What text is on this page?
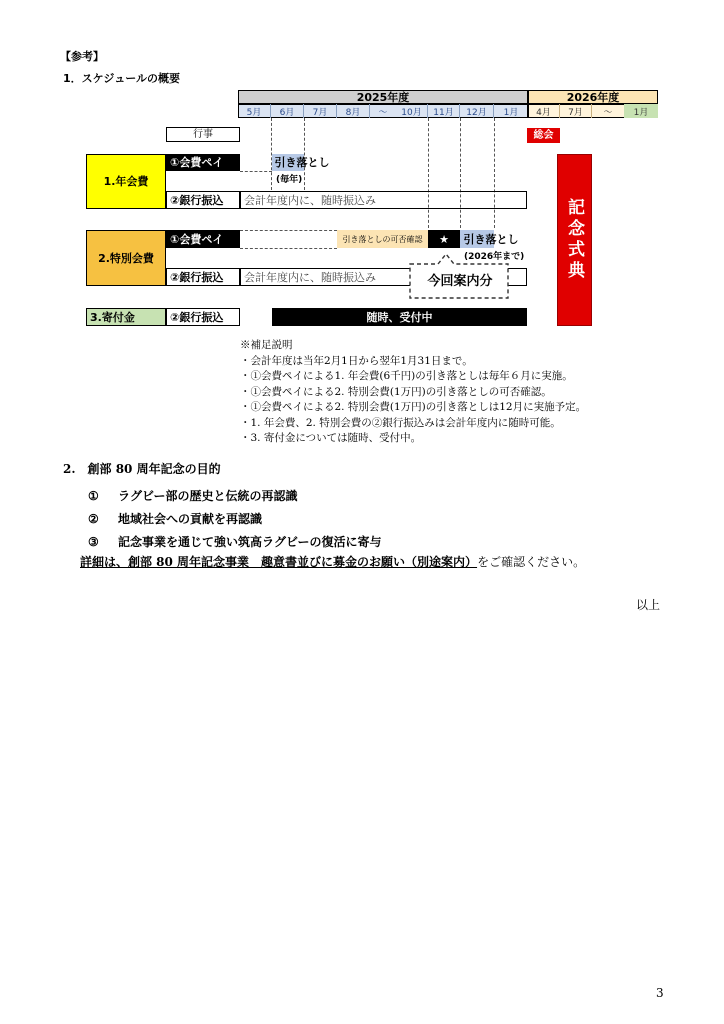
【参考】
1．スケジュールの概要
2025年度	2026年度
5月	6月	7月	8月	〜	10月	11月	12月	1月	4月	7月	〜	1月
行事	総会
記念式典
1.年会費
①会費ペイ	引き落とし
(毎年)
②銀行振込	会計年度内に、随時振込み
2.特別会費
①会費ペイ	引き落としの可否確認	★	引き落とし
(2026年まで)
②銀行振込	会計年度内に、随時振込み	今回案内分
3.寄付金	②銀行振込	随時、受付中
※補足説明
・会計年度は当年2月1日から翌年1月31日まで。
・①会費ペイによる1. 年会費(6千円)の引き落としは毎年６月に実施。
・①会費ペイによる2. 特別会費(1万円)の引き落としの可否確認。
・①会費ペイによる2. 特別会費(1万円)の引き落としは12月に実施予定。
・1. 年会費、2. 特別会費の②銀行振込みは会計年度内に随時可能。
・3. 寄付金については随時、受付中。
2.　創部 80 周年記念の目的
① ラグビー部の歴史と伝統の再認識
② 地域社会への貢献を再認識
③ 記念事業を通じて強い筑高ラグビーの復活に寄与
詳細は、創部 80 周年記念事業　趣意書並びに募金のお願い（別途案内）をご確認ください。
以上
3
